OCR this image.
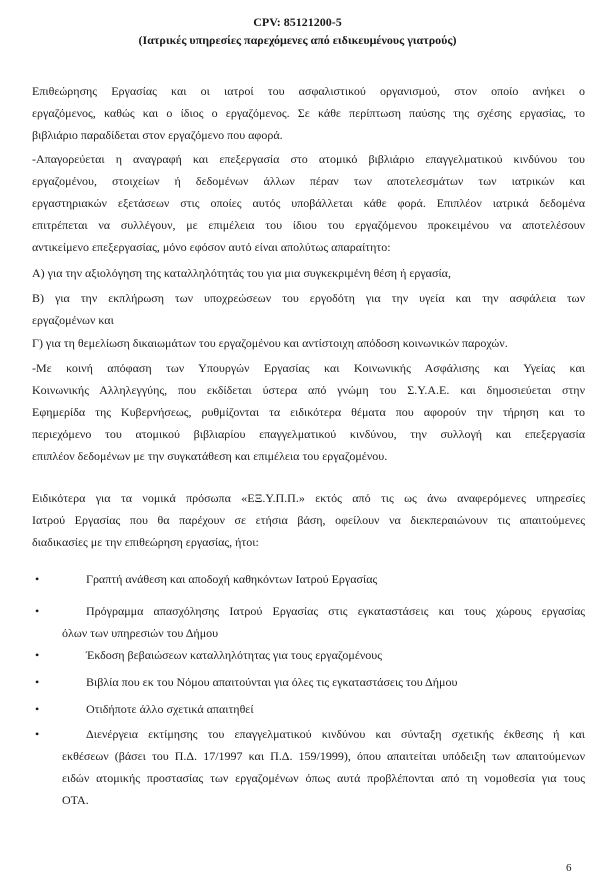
CPV: 85121200-5
(Ιατρικές υπηρεσίες παρεχόμενες από ειδικευμένους γιατρούς)
Επιθεώρησης Εργασίας και οι ιατροί του ασφαλιστικού οργανισμού, στον οποίο ανήκει ο
εργαζόμενος, καθώς και ο ίδιος ο εργαζόμενος. Σε κάθε περίπτωση παύσης της σχέσης εργασίας, το
βιβλιάριο παραδίδεται στον εργαζόμενο που αφορά.
-Απαγορεύεται η αναγραφή και επεξεργασία στο ατομικό βιβλιάριο επαγγελματικού κινδύνου του
εργαζομένου, στοιχείων ή δεδομένων άλλων πέραν των αποτελεσμάτων των ιατρικών και
εργαστηριακών εξετάσεων στις οποίες αυτός υποβάλλεται κάθε φορά. Επιπλέον ιατρικά δεδομένα
επιτρέπεται να συλλέγουν, με επιμέλεια του ίδιου του εργαζόμενου προκειμένου να αποτελέσουν
αντικείμενο επεξεργασίας, μόνο εφόσον αυτό είναι απολύτως απαραίτητο:
Α) για την αξιολόγηση της καταλληλότητάς του για μια συγκεκριμένη θέση ή εργασία,
Β) για την εκπλήρωση των υποχρεώσεων του εργοδότη για την υγεία και την ασφάλεια των
εργαζομένων και
Γ) για τη θεμελίωση δικαιωμάτων του εργαζομένου και αντίστοιχη απόδοση κοινωνικών παροχών.
-Με κοινή απόφαση των Υπουργών Εργασίας και Κοινωνικής Ασφάλισης και Υγείας και
Κοινωνικής Αλληλεγγύης, που εκδίδεται ύστερα από γνώμη του Σ.Υ.Α.Ε. και δημοσιεύεται στην
Εφημερίδα της Κυβερνήσεως, ρυθμίζονται τα ειδικότερα θέματα που αφορούν την τήρηση και το
περιεχόμενο του ατομικού βιβλιαρίου επαγγελματικού κινδύνου, την συλλογή και επεξεργασία
επιπλέον δεδομένων με την συγκατάθεση και επιμέλεια του εργαζομένου.
Ειδικότερα για τα νομικά πρόσωπα «ΕΞ.Υ.Π.Π.» εκτός από τις ως άνω αναφερόμενες υπηρεσίες
Ιατρού Εργασίας που θα παρέχουν σε ετήσια βάση, οφείλουν να διεκπεραιώνουν τις απαιτούμενες
διαδικασίες με την επιθεώρηση εργασίας, ήτοι:
•	Γραπτή ανάθεση και αποδοχή καθηκόντων Ιατρού Εργασίας
•	Πρόγραμμα απασχόλησης Ιατρού Εργασίας στις εγκαταστάσεις και τους χώρους εργασίας
όλων των υπηρεσιών του Δήμου
•	Έκδοση βεβαιώσεων καταλληλότητας για τους εργαζομένους
•	Βιβλία που εκ του Νόμου απαιτούνται για όλες τις εγκαταστάσεις του Δήμου
•	Οτιδήποτε άλλο σχετικά απαιτηθεί
•	Διενέργεια εκτίμησης του επαγγελματικού κινδύνου και σύνταξη σχετικής έκθεσης ή και
εκθέσεων (βάσει του Π.Δ. 17/1997 και Π.Δ. 159/1999), όπου απαιτείται υπόδειξη των απαιτούμενων
ειδών ατομικής προστασίας των εργαζομένων όπως αυτά προβλέπονται από τη νομοθεσία για τους
ΟΤΑ.
6
